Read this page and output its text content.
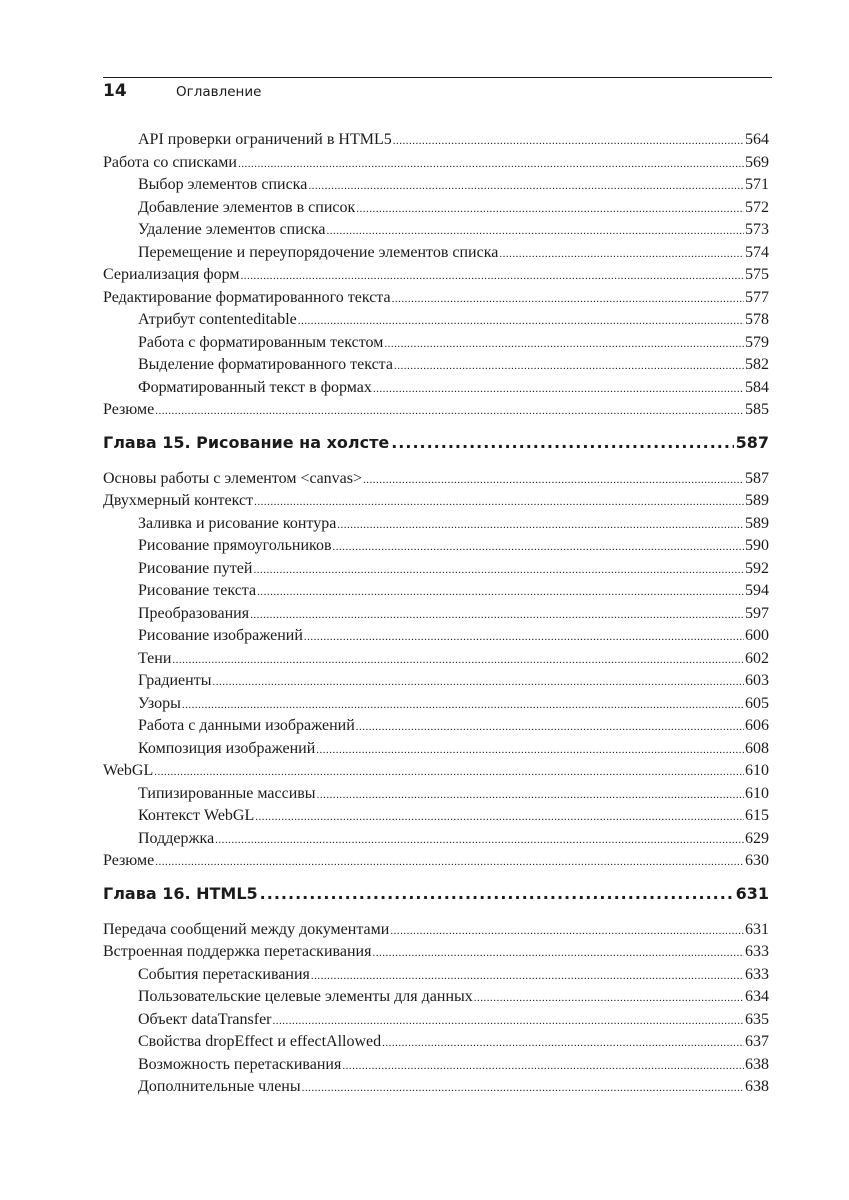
14	Оглавление
API проверки ограничений в HTML5 .....	564
Работа со списками .....	569
Выбор элементов списка .....	571
Добавление элементов в список .....	572
Удаление элементов списка .....	573
Перемещение и переупорядочение элементов списка .....	574
Сериализация форм .....	575
Редактирование форматированного текста .....	577
Атрибут contenteditable .....	578
Работа с форматированным текстом .....	579
Выделение форматированного текста .....	582
Форматированный текст в формах .....	584
Резюме .....	585
Глава 15. Рисование на холсте .....	587
Основы работы с элементом <canvas> .....	587
Двухмерный контекст .....	589
Заливка и рисование контура .....	589
Рисование прямоугольников .....	590
Рисование путей .....	592
Рисование текста .....	594
Преобразования .....	597
Рисование изображений .....	600
Тени .....	602
Градиенты .....	603
Узоры .....	605
Работа с данными изображений .....	606
Композиция изображений .....	608
WebGL .....	610
Типизированные массивы .....	610
Контекст WebGL .....	615
Поддержка .....	629
Резюме .....	630
Глава 16. HTML5 .....	631
Передача сообщений между документами .....	631
Встроенная поддержка перетаскивания .....	633
События перетаскивания .....	633
Пользовательские целевые элементы для данных .....	634
Объект dataTransfer .....	635
Свойства dropEffect и effectAllowed .....	637
Возможность перетаскивания .....	638
Дополнительные члены .....	638
